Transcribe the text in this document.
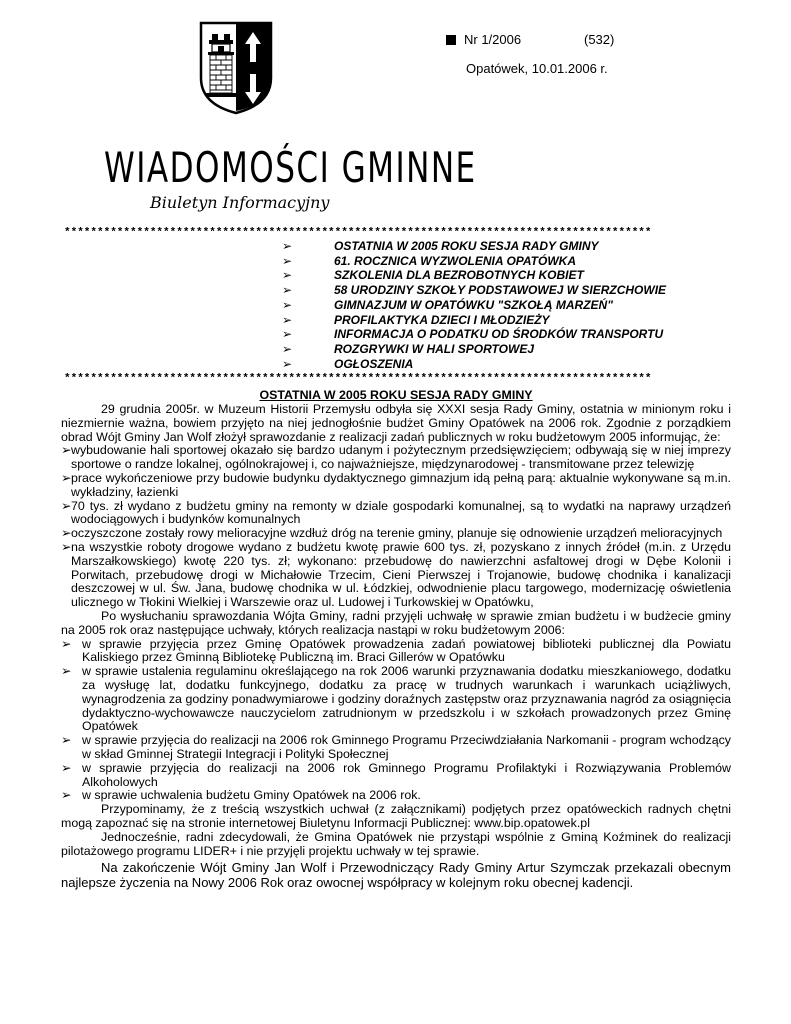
Nr 1/2006	(532)
Opatówek, 10.01.2006 r.
WIADOMOŚCI GMINNE
Biuletyn Informacyjny
*****************************************************************************************
➢	OSTATNIA W 2005 ROKU SESJA RADY GMINY
➢	61. ROCZNICA WYZWOLENIA OPATÓWKA
➢	SZKOLENIA DLA BEZROBOTNYCH KOBIET
➢	58 URODZINY SZKOŁY PODSTAWOWEJ W SIERZCHOWIE
➢	GIMNAZJUM W OPATÓWKU "SZKOŁĄ MARZEŃ"
➢	PROFILAKTYKA DZIECI I MŁODZIEŻY
➢	INFORMACJA O PODATKU OD ŚRODKÓW TRANSPORTU
➢	ROZGRYWKI W HALI SPORTOWEJ
➢	OGŁOSZENIA
*****************************************************************************************
OSTATNIA W 2005 ROKU SESJA RADY GMINY

29 grudnia 2005r. w Muzeum Historii Przemysłu odbyła się XXXI sesja Rady Gminy, ostatnia w minionym roku i niezmiernie ważna, bowiem przyjęto na niej jednogłośnie budżet Gminy Opatówek na 2006 rok. Zgodnie z porządkiem obrad Wójt Gminy Jan Wolf złożył sprawozdanie z realizacji zadań publicznych w roku budżetowym 2005 informując, że:

➢ wybudowanie hali sportowej okazało się bardzo udanym i pożytecznym przedsięwzięciem; odbywają się w niej imprezy sportowe o randze lokalnej, ogólnokrajowej i, co najważniejsze, międzynarodowej - transmitowane przez telewizję
➢ prace wykończeniowe przy budowie budynku dydaktycznego gimnazjum idą pełną parą: aktualnie wykonywane są m.in. wykładziny, łazienki
➢ 70 tys. zł wydano z budżetu gminy na remonty w dziale gospodarki komunalnej, są to wydatki na naprawy urządzeń wodociągowych i budynków komunalnych
➢ oczyszczone zostały rowy melioracyjne wzdłuż dróg na terenie gminy, planuje się odnowienie urządzeń melioracyjnych
➢ na wszystkie roboty drogowe wydano z budżetu kwotę prawie 600 tys. zł, pozyskano z innych źródeł (m.in. z Urzędu Marszałkowskiego) kwotę 220 tys. zł; wykonano: przebudowę do nawierzchni asfaltowej drogi w Dębe Kolonii i Porwitach, przebudowę drogi w Michałowie Trzecim, Cieni Pierwszej i Trojanowie, budowę chodnika i kanalizacji deszczowej w ul. Św. Jana, budowę chodnika w ul. Łódzkiej, odwodnienie placu targowego, modernizację oświetlenia ulicznego w Tłokini Wielkiej i Warszewie oraz ul. Ludowej i Turkowskiej w Opatówku,

Po wysłuchaniu sprawozdania Wójta Gminy, radni przyjęli uchwałę w sprawie zmian budżetu i w budżecie gminy na 2005 rok oraz następujące uchwały, których realizacja nastąpi w roku budżetowym 2006:

➢ w sprawie przyjęcia przez Gminę Opatówek prowadzenia zadań powiatowej biblioteki publicznej dla Powiatu Kaliskiego przez Gminną Bibliotekę Publiczną im. Braci Gillerów w Opatówku
➢ w sprawie ustalenia regulaminu określającego na rok 2006 warunki przyznawania dodatku mieszkaniowego, dodatku za wysługę lat, dodatku funkcyjnego, dodatku za pracę w trudnych warunkach i warunkach uciążliwych, wynagrodzenia za godziny ponadwymiarowe i godziny doraźnych zastępstw oraz przyznawania nagród za osiągnięcia dydaktyczno-wychowawcze nauczycielom zatrudnionym w przedszkolu i w szkołach prowadzonych przez Gminę Opatówek
➢ w sprawie przyjęcia do realizacji na 2006 rok Gminnego Programu Przeciwdziałania Narkomanii - program wchodzący w skład Gminnej Strategii Integracji i Polityki Społecznej
➢ w sprawie przyjęcia do realizacji na 2006 rok Gminnego Programu Profilaktyki i Rozwiązywania Problemów Alkoholowych
➢ w sprawie uchwalenia budżetu Gminy Opatówek na 2006 rok.

Przypominamy, że z treścią wszystkich uchwał (z załącznikami) podjętych przez opatóweckich radnych chętni mogą zapoznać się na stronie internetowej Biuletynu Informacji Publicznej: www.bip.opatowek.pl

Jednocześnie, radni zdecydowali, że Gmina Opatówek nie przystąpi wspólnie z Gminą Koźminek do realizacji pilotażowego programu LIDER+ i nie przyjęli projektu uchwały w tej sprawie.

Na zakończenie Wójt Gminy Jan Wolf i Przewodniczący Rady Gminy Artur Szymczak przekazali obecnym najlepsze życzenia na Nowy 2006 Rok oraz owocnej współpracy w kolejnym roku obecnej kadencji.
